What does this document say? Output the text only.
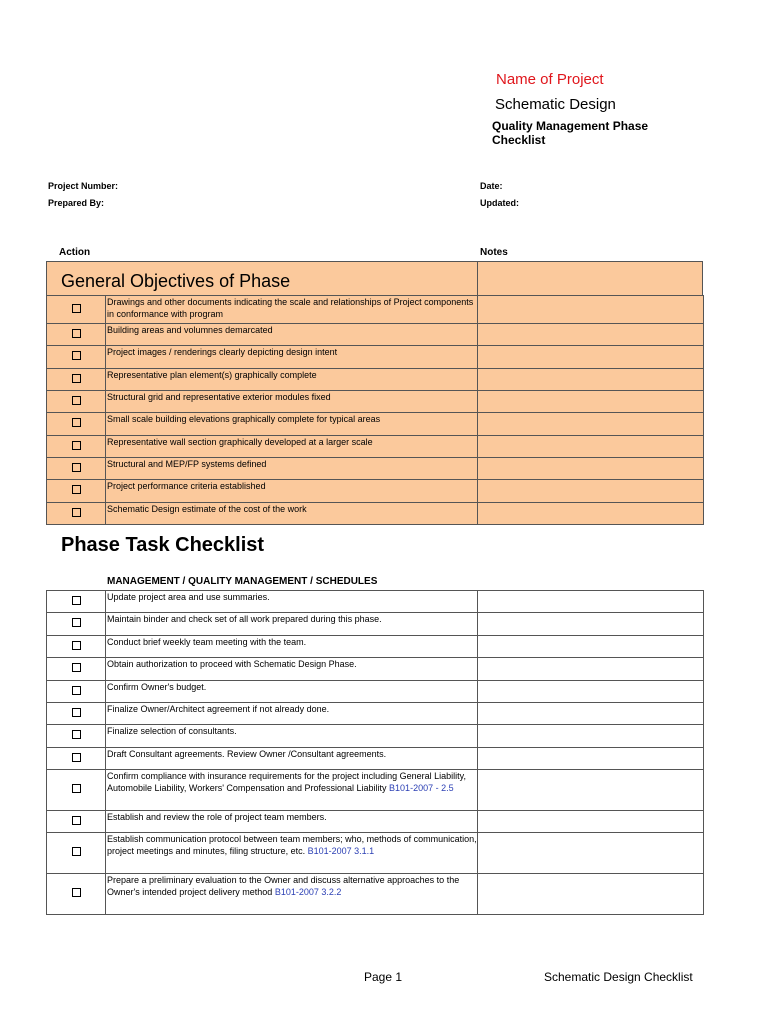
Name of Project
Schematic Design
Quality Management Phase Checklist
Project Number:
Prepared By:
Date:
Updated:
Action	Notes
General Objectives of Phase
	Drawings and other documents indicating the scale and relationships of Project components in conformance with program	
	Building areas and volumnes demarcated	
	Project images / renderings clearly depicting design intent	
	Representative plan element(s) graphically complete	
	Structural grid and representative exterior modules fixed	
	Small scale building elevations graphically complete for typical areas	
	Representative wall section graphically developed at a larger scale	
	Structural and MEP/FP systems defined	
	Project performance criteria established	
	Schematic Design estimate of the cost of the work	
Phase Task Checklist
MANAGEMENT / QUALITY MANAGEMENT / SCHEDULES
	Update project area and use summaries.	
	Maintain binder and check set of all work prepared during this phase.	
	Conduct brief weekly team meeting with the team.	
	Obtain authorization to proceed with Schematic Design Phase.	
	Confirm Owner's budget.	
	Finalize Owner/Architect agreement if not already done.	
	Finalize selection of consultants.	
	Draft Consultant agreements. Review Owner /Consultant agreements.	
	Confirm compliance with insurance requirements for the project including General Liability, Automobile Liability, Workers' Compensation and Professional Liability B101-2007 - 2.5	
	Establish and review the role of project team members.	
	Establish communication protocol between team members; who, methods of communication, project meetings and minutes, filing structure, etc. B101-2007 3.1.1	
	Prepare a preliminary evaluation to the Owner and discuss alternative approaches to the Owner's intended project delivery method B101-2007 3.2.2	
Page 1	Schematic Design Checklist
